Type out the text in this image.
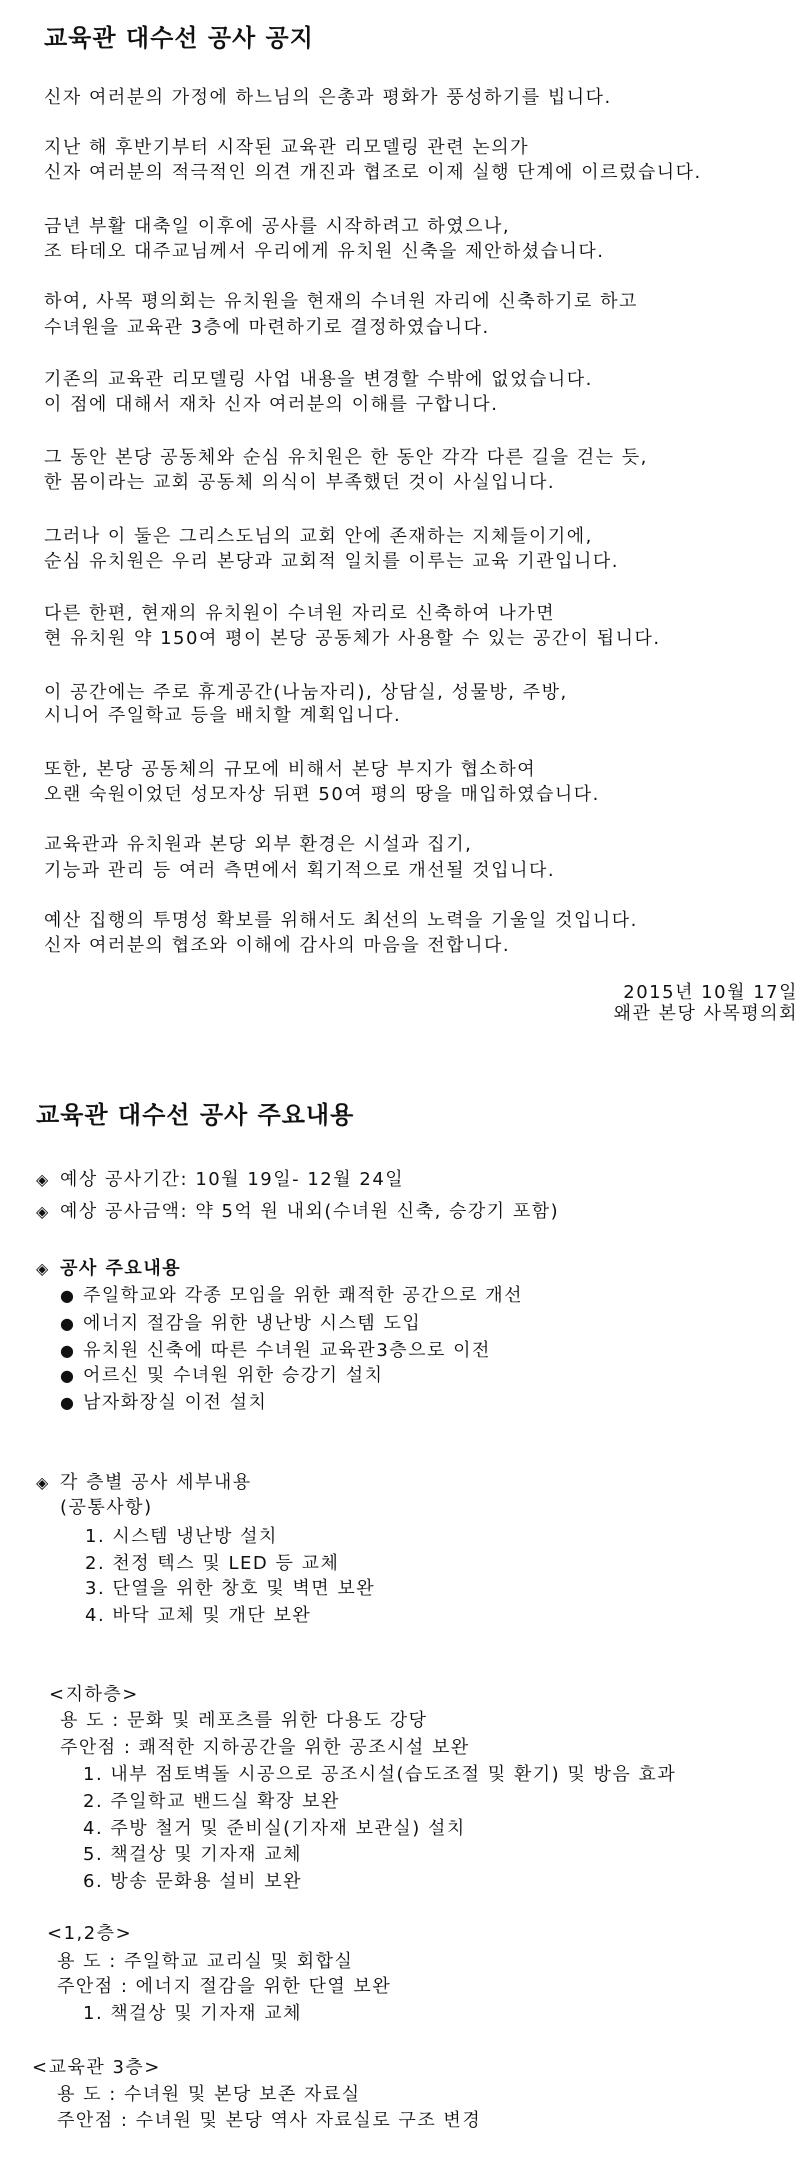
교육관 대수선 공사 공지
신자 여러분의 가정에 하느님의 은총과 평화가 풍성하기를 빕니다.
지난 해 후반기부터 시작된 교육관 리모델링 관련 논의가
신자 여러분의 적극적인 의견 개진과 협조로 이제 실행 단계에 이르렀습니다.
금년 부활 대축일 이후에 공사를 시작하려고 하였으나,
조 타데오 대주교님께서 우리에게 유치원 신축을 제안하셨습니다.
하여, 사목 평의회는 유치원을 현재의 수녀원 자리에 신축하기로 하고
수녀원을 교육관 3층에 마련하기로 결정하였습니다.
기존의 교육관 리모델링 사업 내용을 변경할 수밖에 없었습니다.
이 점에 대해서 재차 신자 여러분의 이해를 구합니다.
그 동안 본당 공동체와 순심 유치원은 한 동안 각각 다른 길을 걷는 듯,
한 몸이라는 교회 공동체 의식이 부족했던 것이 사실입니다.
그러나 이 둘은 그리스도님의 교회 안에 존재하는 지체들이기에,
순심 유치원은 우리 본당과 교회적 일치를 이루는 교육 기관입니다.
다른 한편, 현재의 유치원이 수녀원 자리로 신축하여 나가면
현 유치원 약 150여 평이 본당 공동체가 사용할 수 있는 공간이 됩니다.
이 공간에는 주로 휴게공간(나눔자리), 상담실, 성물방, 주방,
시니어 주일학교 등을 배치할 계획입니다.
또한, 본당 공동체의 규모에 비해서 본당 부지가 협소하여
오랜 숙원이었던 성모자상 뒤편 50여 평의 땅을 매입하였습니다.
교육관과 유치원과 본당 외부 환경은 시설과 집기,
기능과 관리 등 여러 측면에서 획기적으로 개선될 것입니다.
예산 집행의 투명성 확보를 위해서도 최선의 노력을 기울일 것입니다.
신자 여러분의 협조와 이해에 감사의 마음을 전합니다.
2015년 10월 17일
왜관 본당 사목평의회
교육관 대수선 공사 주요내용
◈ 예상 공사기간: 10월 19일- 12월 24일
◈ 예상 공사금액: 약 5억 원 내외(수녀원 신축, 승강기 포함)
◈ 공사 주요내용
● 주일학교와 각종 모임을 위한 쾌적한 공간으로 개선
● 에너지 절감을 위한 냉난방 시스템 도입
● 유치원 신축에 따른 수녀원 교육관3층으로 이전
● 어르신 및 수녀원 위한 승강기 설치
● 남자화장실 이전 설치
◈ 각 층별 공사 세부내용
(공통사항)
1. 시스템 냉난방 설치
2. 천정 텍스 및 LED 등 교체
3. 단열을 위한 창호 및 벽면 보완
4. 바닥 교체 및 개단 보완
<지하층>
용 도 : 문화 및 레포츠를 위한 다용도 강당
주안점 : 쾌적한 지하공간을 위한 공조시설 보완
1. 내부 점토벽돌 시공으로 공조시설(습도조절 및 환기) 및 방음 효과
2. 주일학교 밴드실 확장 보완
4. 주방 철거 및 준비실(기자재 보관실) 설치
5. 책걸상 및 기자재 교체
6. 방송 문화용 설비 보완
<1,2층>
용 도 : 주일학교 교리실 및 회합실
주안점 : 에너지 절감을 위한 단열 보완
1. 책걸상 및 기자재 교체
<교육관 3층>
용 도 : 수녀원 및 본당 보존 자료실
주안점 : 수녀원 및 본당 역사 자료실로 구조 변경
